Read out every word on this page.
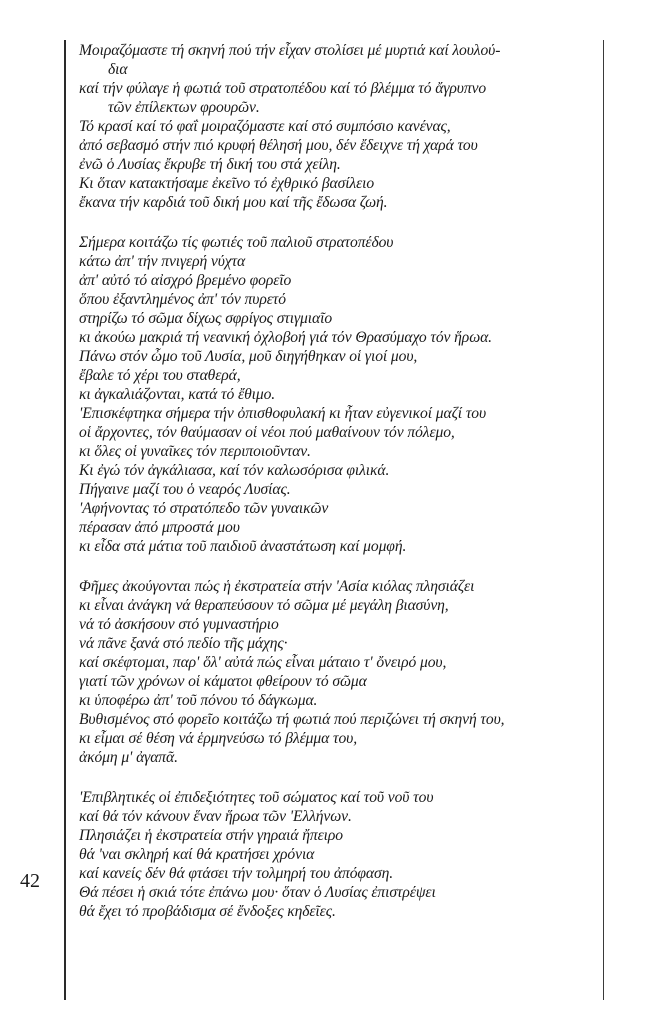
42
Μοιραζόμαστε τή σκηνή πού τήν εἶχαν στολίσει μέ μυρτιά καί λουλού-
δια
καί τήν φύλαγε ἡ φωτιά τοῦ στρατοπέδου καί τό βλέμμα τό ἄγρυπνο
τῶν ἐπίλεκτων φρουρῶν.
Τό κρασί καί τό φαΐ μοιραζόμαστε καί στό συμπόσιο κανένας,
ἀπό σεβασμό στήν πιό κρυφή θέλησή μου, δέν ἔδειχνε τή χαρά του
ἐνῶ ὁ Λυσίας ἔκρυβε τή δική του στά χείλη.
Κι ὅταν κατακτήσαμε ἐκεῖνο τό ἐχθρικό βασίλειο
ἔκανα τήν καρδιά τοῦ δική μου καί τῆς ἔδωσα ζωή.
Σήμερα κοιτάζω τίς φωτιές τοῦ παλιοῦ στρατοπέδου
κάτω ἀπ' τήν πνιγερή νύχτα
ἀπ' αὐτό τό αἰσχρό βρεμένο φορεῖο
ὅπου ἐξαντλημένος ἀπ' τόν πυρετό
στηρίζω τό σῶμα δίχως σφρίγος στιγμιαῖο
κι ἀκούω μακριά τή νεανική ὀχλοβοή γιά τόν Θρασύμαχο τόν ἥρωα.
Πάνω στόν ὦμο τοῦ Λυσία, μοῦ διηγήθηκαν οἱ γιοί μου,
ἔβαλε τό χέρι του σταθερά,
κι ἀγκαλιάζονται, κατά τό ἔθιμο.
'Επισκέφτηκα σήμερα τήν ὀπισθοφυλακή κι ἦταν εὐγενικοί μαζί του
οἱ ἄρχοντες, τόν θαύμασαν οἱ νέοι πού μαθαίνουν τόν πόλεμο,
κι ὅλες οἱ γυναῖκες τόν περιποιοῦνταν.
Κι ἐγώ τόν ἀγκάλιασα, καί τόν καλωσόρισα φιλικά.
Πήγαινε μαζί του ὁ νεαρός Λυσίας.
'Αφήνοντας τό στρατόπεδο τῶν γυναικῶν
πέρασαν ἀπό μπροστά μου
κι εἶδα στά μάτια τοῦ παιδιοῦ ἀναστάτωση καί μομφή.
Φῆμες ἀκούγονται πώς ἡ ἐκστρατεία στήν 'Ασία κιόλας πλησιάζει
κι εἶναι ἀνάγκη νά θεραπεύσουν τό σῶμα μέ μεγάλη βιασύνη,
νά τό ἀσκήσουν στό γυμναστήριο
νά πᾶνε ξανά στό πεδίο τῆς μάχης·
καί σκέφτομαι, παρ' ὅλ' αὐτά πώς εἶναι μάταιο τ' ὄνειρό μου,
γιατί τῶν χρόνων οἱ κάματοι φθείρουν τό σῶμα
κι ὑποφέρω ἀπ' τοῦ πόνου τό δάγκωμα.
Βυθισμένος στό φορεῖο κοιτάζω τή φωτιά πού περιζώνει τή σκηνή του,
κι εἶμαι σέ θέση νά ἑρμηνεύσω τό βλέμμα του,
ἀκόμη μ' ἀγαπᾶ.
'Επιβλητικές οἱ ἐπιδεξιότητες τοῦ σώματος καί τοῦ νοῦ του
καί θά τόν κάνουν ἕναν ἥρωα τῶν 'Ελλήνων.
Πλησιάζει ἡ ἐκστρατεία στήν γηραιά ἤπειρο
θά 'ναι σκληρή καί θά κρατήσει χρόνια
καί κανείς δέν θά φτάσει τήν τολμηρή του ἀπόφαση.
Θά πέσει ἡ σκιά τότε ἐπάνω μου· ὅταν ὁ Λυσίας ἐπιστρέψει
θά ἔχει τό προβάδισμα σέ ἔνδοξες κηδεῖες.
